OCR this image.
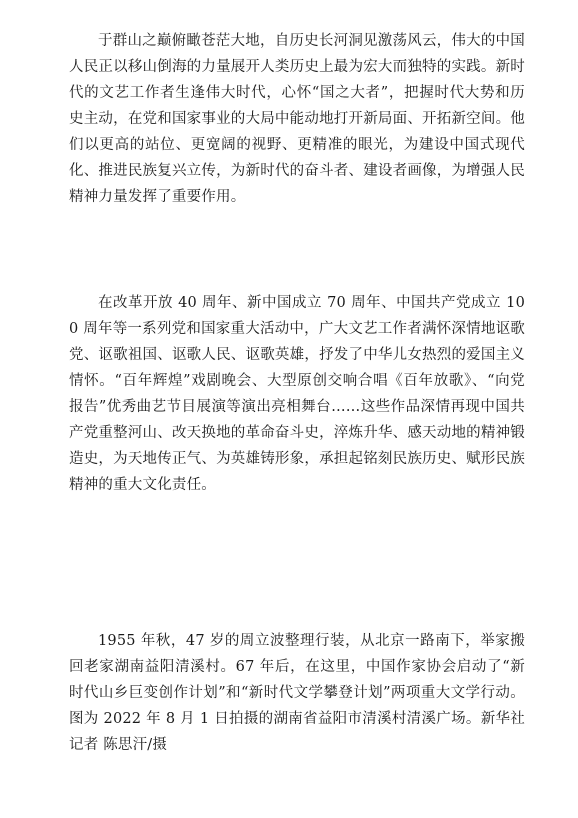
于群山之巅俯瞰苍茫大地，自历史长河洞见激荡风云，伟大的中国人民正以移山倒海的力量展开人类历史上最为宏大而独特的实践。新时代的文艺工作者生逢伟大时代，心怀“国之大者”，把握时代大势和历史主动，在党和国家事业的大局中能动地打开新局面、开拓新空间。他们以更高的站位、更宽阔的视野、更精准的眼光，为建设中国式现代化、推进民族复兴立传，为新时代的奋斗者、建设者画像，为增强人民精神力量发挥了重要作用。

在改革开放 40 周年、新中国成立 70 周年、中国共产党成立 100 周年等一系列党和国家重大活动中，广大文艺工作者满怀深情地讴歌党、讴歌祖国、讴歌人民、讴歌英雄，抒发了中华儿女热烈的爱国主义情怀。“百年辉煌”戏剧晚会、大型原创交响合唱《百年放歌》、“向党报告”优秀曲艺节目展演等演出亮相舞台……这些作品深情再现中国共产党重整河山、改天换地的革命奋斗史，淬炼升华、感天动地的精神锻造史，为天地传正气、为英雄铸形象，承担起铭刻民族历史、赋形民族精神的重大文化责任。

1955 年秋，47 岁的周立波整理行装，从北京一路南下，举家搬回老家湖南益阳清溪村。67 年后，在这里，中国作家协会启动了“新时代山乡巨变创作计划”和“新时代文学攀登计划”两项重大文学行动。图为 2022 年 8 月 1 日拍摄的湖南省益阳市清溪村清溪广场。新华社记者 陈思汗/摄
